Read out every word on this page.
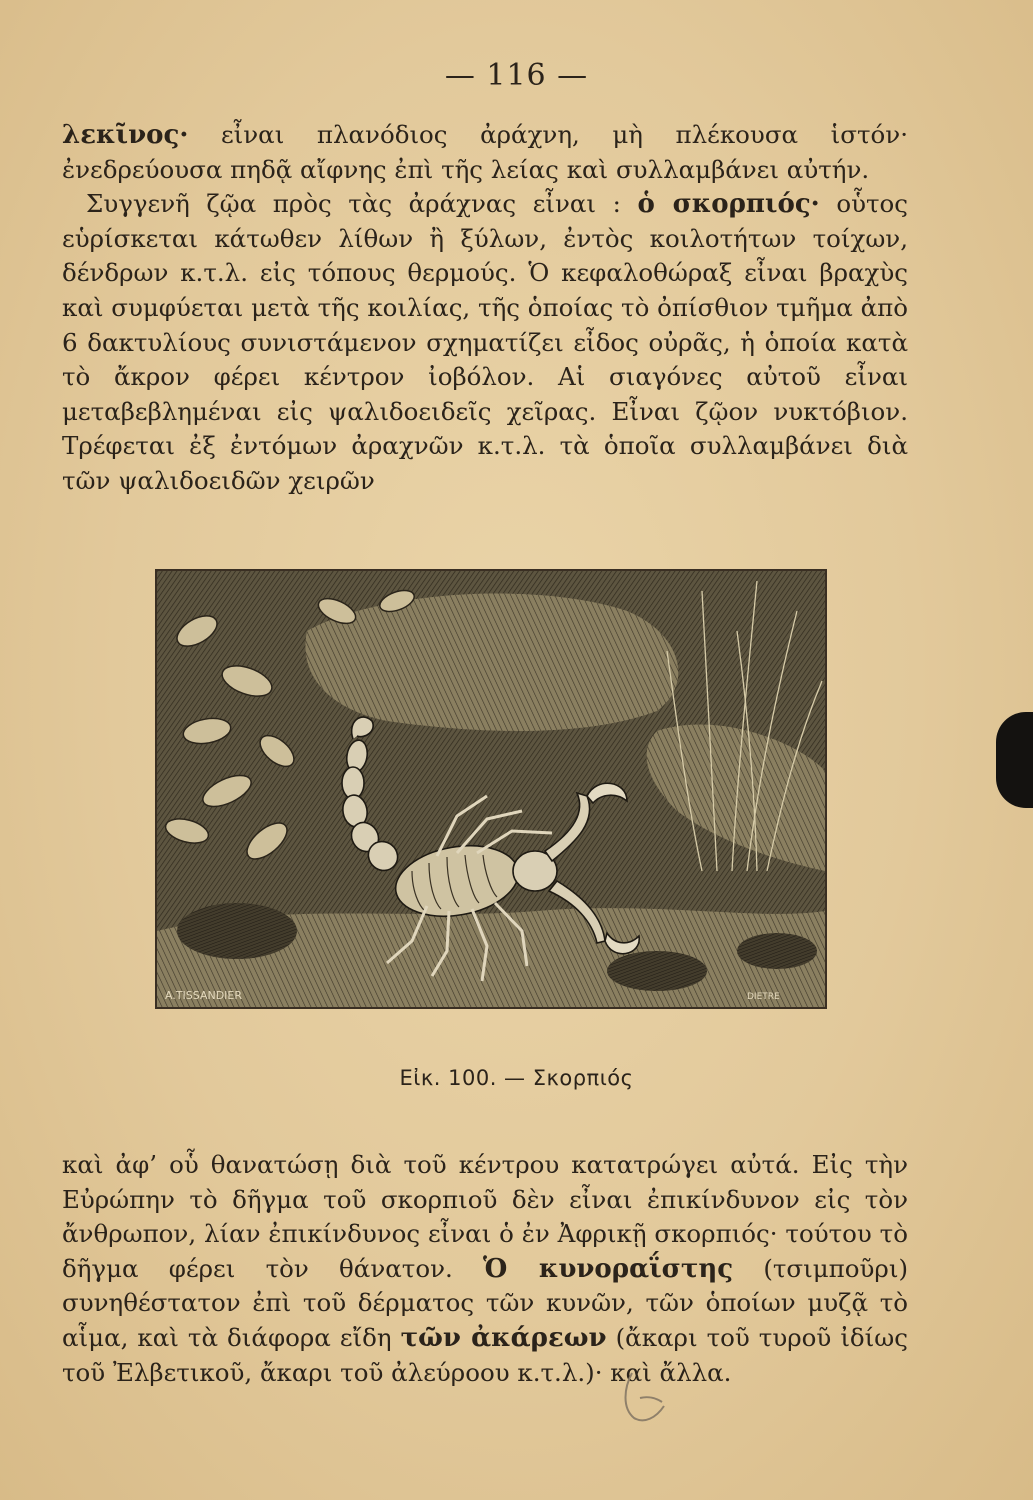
— 116 —

λεκῖνος· εἶναι πλανόδιος ἀράχνη, μὴ πλέκουσα ἱστόν· ἐνεδρεύουσα πηδᾷ αἴφνης ἐπὶ τῆς λείας καὶ συλλαμβάνει αὐτήν.

Συγγενῆ ζῷα πρὸς τὰς ἀράχνας εἶναι : ὁ σκορπιός· οὗτος εὑρίσκεται κάτωθεν λίθων ἢ ξύλων, ἐντὸς κοιλοτήτων τοίχων, δένδρων κ.τ.λ. εἰς τόπους θερμούς. Ὁ κεφαλοθώραξ εἶναι βραχὺς καὶ συμφύεται μετὰ τῆς κοιλίας, τῆς ὁποίας τὸ ὀπίσθιον τμῆμα ἀπὸ 6 δακτυλίους συνιστάμενον σχηματίζει εἶδος οὐρᾶς, ἡ ὁποία κατὰ τὸ ἄκρον φέρει κέντρον ἰοβόλον. Αἱ σιαγόνες αὐτοῦ εἶναι μεταβεβλημέναι εἰς ψαλιδοειδεῖς χεῖρας. Εἶναι ζῷον νυκτόβιον. Τρέφεται ἐξ ἐντόμων ἀραχνῶν κ.τ.λ. τὰ ὁποῖα συλλαμβάνει διὰ τῶν ψαλιδοειδῶν χειρῶν

A.TISSANDIER	DIETRE
Εἰκ. 100. — Σκορπιός

καὶ ἀφ’ οὗ θανατώσῃ διὰ τοῦ κέντρου κατατρώγει αὐτά. Εἰς τὴν Εὐρώπην τὸ δῆγμα τοῦ σκορπιοῦ δὲν εἶναι ἐπικίνδυνον εἰς τὸν ἄνθρωπον, λίαν ἐπικίνδυνος εἶναι ὁ ἐν Ἀφρικῇ σκορπιός· τούτου τὸ δῆγμα φέρει τὸν θάνατον. Ὁ κυνοραΐστης (τσιμποῦρι) συνηθέστατον ἐπὶ τοῦ δέρματος τῶν κυνῶν, τῶν ὁποίων μυζᾷ τὸ αἷμα, καὶ τὰ διάφορα εἴδη τῶν ἀκάρεων (ἄκαρι τοῦ τυροῦ ἰδίως τοῦ Ἐλβετικοῦ, ἄκαρι τοῦ ἀλεύροου κ.τ.λ.)· καὶ ἄλλα.
